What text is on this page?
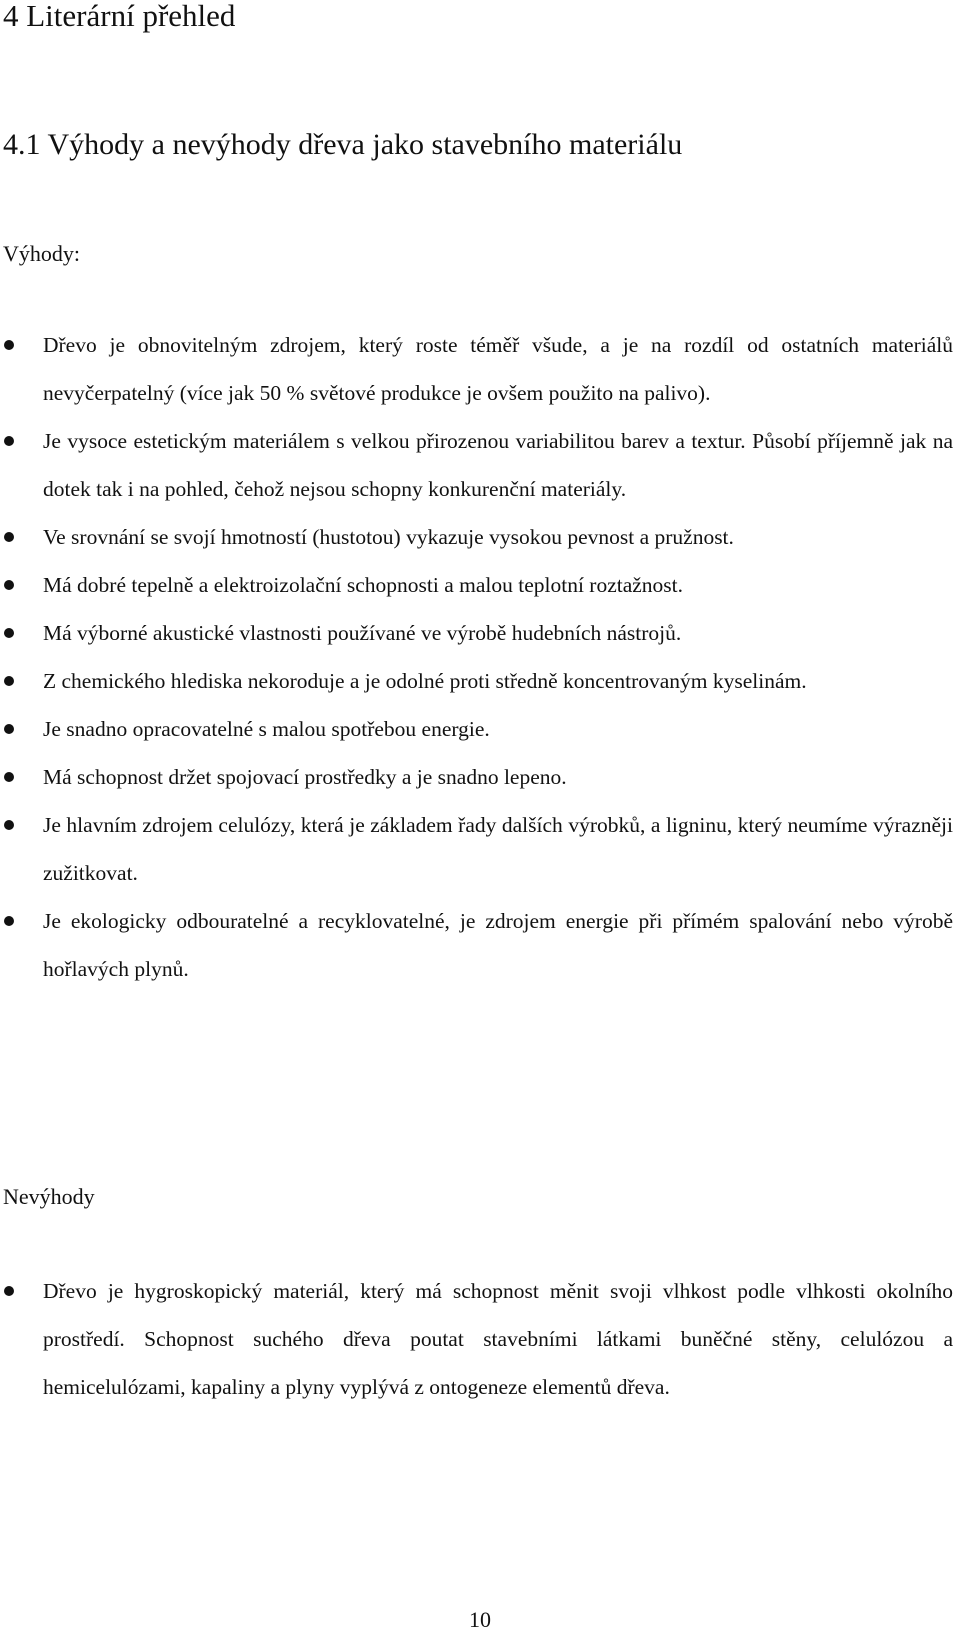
4 Literární přehled
4.1 Výhody a nevýhody dřeva jako stavebního materiálu
Výhody:
Dřevo je obnovitelným zdrojem, který roste téměř všude, a je na rozdíl od ostatních materiálů nevyčerpatelný (více jak 50 % světové produkce je ovšem použito na palivo).
Je vysoce estetickým materiálem s velkou přirozenou variabilitou barev a textur. Působí příjemně jak na dotek tak i na pohled, čehož nejsou schopny konkurenční materiály.
Ve srovnání se svojí hmotností (hustotou) vykazuje vysokou pevnost a pružnost.
Má dobré tepelně a elektroizolační schopnosti a malou teplotní roztažnost.
Má výborné akustické vlastnosti používané ve výrobě hudebních nástrojů.
Z chemického hlediska nekoroduje a je odolné proti středně koncentrovaným kyselinám.
Je snadno opracovatelné s malou spotřebou energie.
Má schopnost držet spojovací prostředky a je snadno lepeno.
Je hlavním zdrojem celulózy, která je základem řady dalších výrobků, a ligninu, který neumíme výrazněji zužitkovat.
Je ekologicky odbouratelné a recyklovatelné, je zdrojem energie při přímém spalování nebo výrobě hořlavých plynů.
Nevýhody
Dřevo je hygroskopický materiál, který má schopnost měnit svoji vlhkost podle vlhkosti okolního prostředí. Schopnost suchého dřeva poutat stavebními látkami buněčné stěny, celulózou a hemicelulózami, kapaliny a plyny vyplývá z ontogeneze elementů dřeva.
10
